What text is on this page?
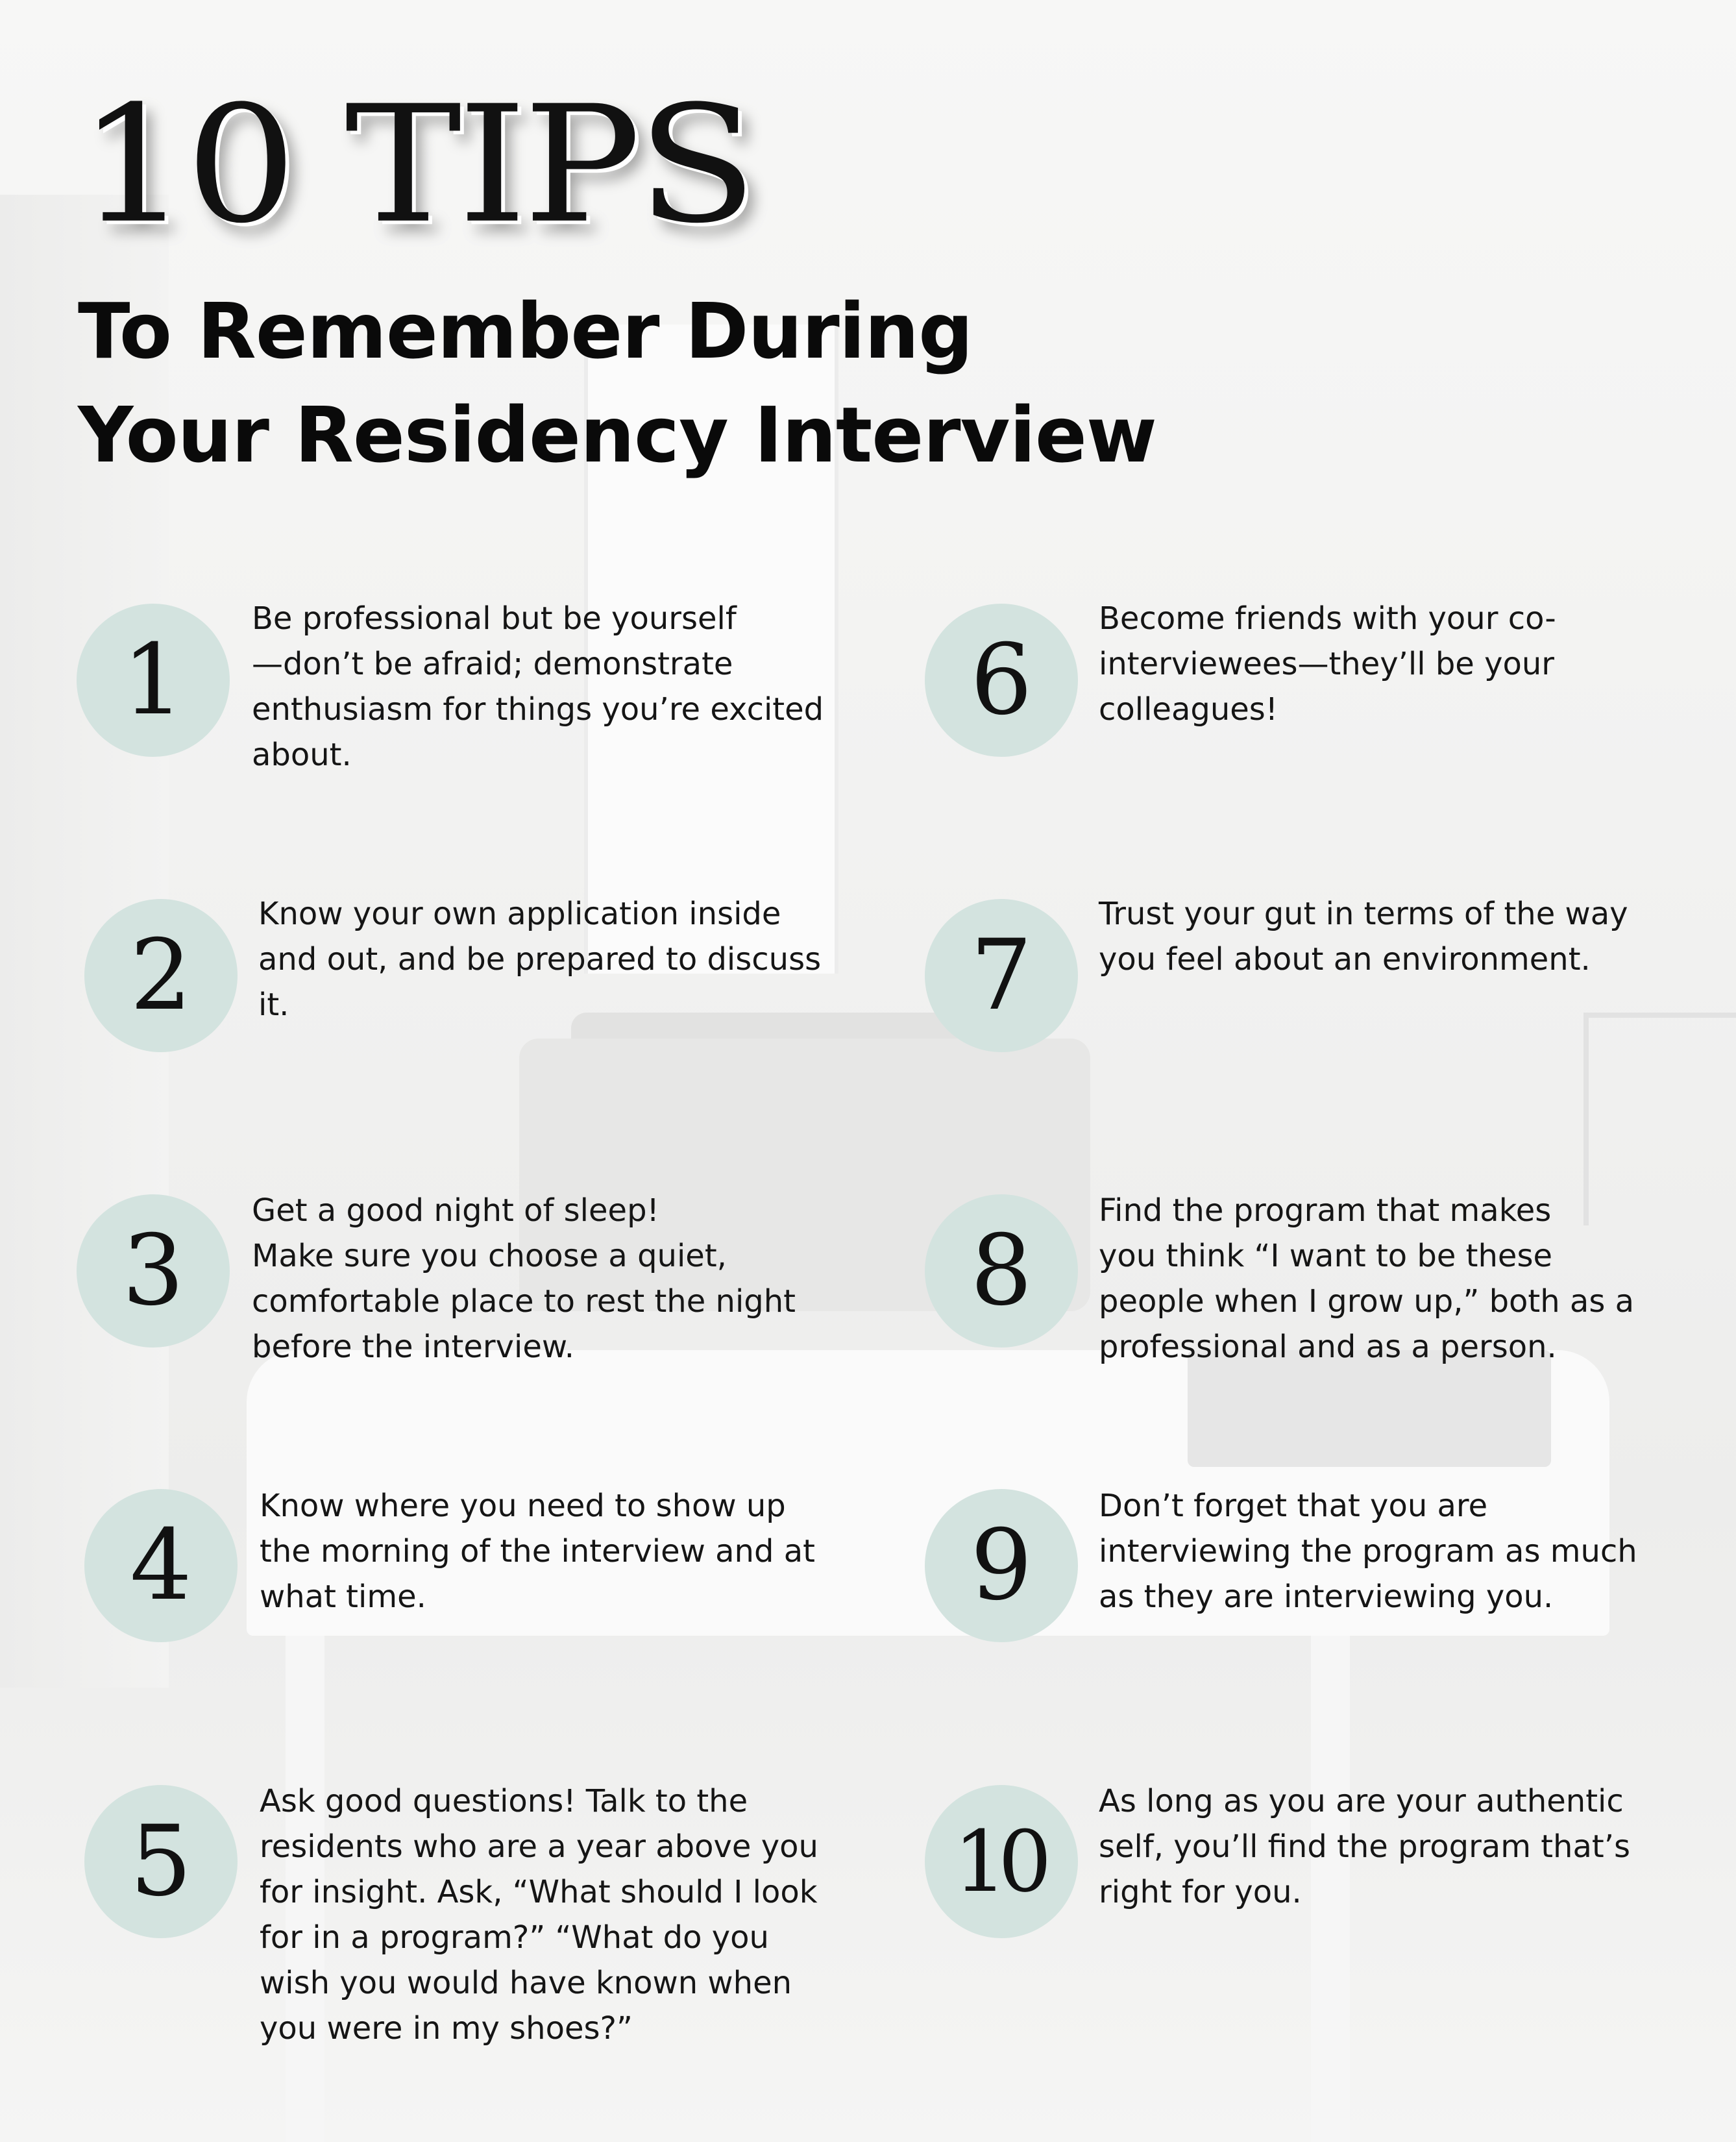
10 TIPS
To Remember During
Your Residency Interview
1
Be professional but be yourself
—don’t be afraid; demonstrate
enthusiasm for things you’re excited
about.
2
Know your own application inside
and out, and be prepared to discuss
it.
3
Get a good night of sleep!
Make sure you choose a quiet,
comfortable place to rest the night
before the interview.
4
Know where you need to show up
the morning of the interview and at
what time.
5
Ask good questions! Talk to the
residents who are a year above you
for insight. Ask, “What should I look
for in a program?” “What do you
wish you would have known when
you were in my shoes?”
6
Become friends with your co-
interviewees—they’ll be your
colleagues!
7
Trust your gut in terms of the way
you feel about an environment.
8
Find the program that makes
you think “I want to be these
people when I grow up,” both as a
professional and as a person.
9
Don’t forget that you are
interviewing the program as much
as they are interviewing you.
10
As long as you are your authentic
self, you’ll find the program that’s
right for you.
